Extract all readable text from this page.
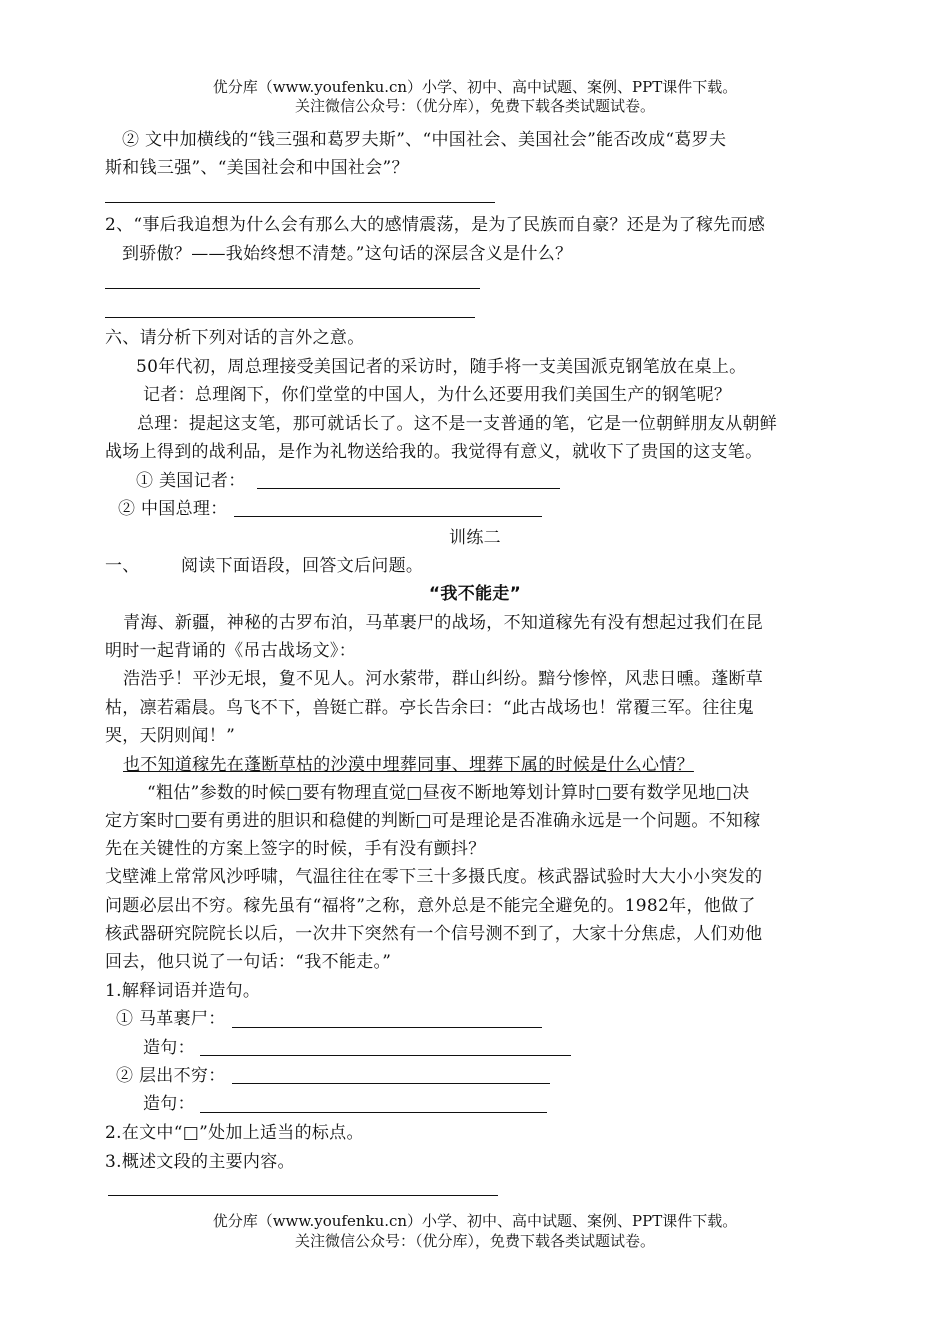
优分库（www.youfenku.cn）小学、初中、高中试题、案例、PPT课件下载。
关注微信公众号：（优分库），免费下载各类试题试卷。
② 文中加横线的“钱三强和葛罗夫斯”、“中国社会、美国社会”能否改成“葛罗夫
斯和钱三强”、“美国社会和中国社会”？
2、“事后我追想为什么会有那么大的感情震荡，是为了民族而自豪？还是为了稼先而感
到骄傲？——我始终想不清楚。”这句话的深层含义是什么？
六、请分析下列对话的言外之意。
50年代初，周总理接受美国记者的采访时，随手将一支美国派克钢笔放在桌上。
记者：总理阁下，你们堂堂的中国人，为什么还要用我们美国生产的钢笔呢？
总理：提起这支笔，那可就话长了。这不是一支普通的笔，它是一位朝鲜朋友从朝鲜
战场上得到的战利品，是作为礼物送给我的。我觉得有意义，就收下了贵国的这支笔。
① 美国记者：
② 中国总理：
训练二
一、 阅读下面语段，回答文后问题。
“我不能走”
青海、新疆，神秘的古罗布泊，马革裹尸的战场，不知道稼先有没有想起过我们在昆
明时一起背诵的《吊古战场文》：
浩浩乎！平沙无垠，夐不见人。河水萦带，群山纠纷。黯兮惨悴，风悲日曛。蓬断草
枯，凛若霜晨。鸟飞不下，兽铤亡群。亭长告余曰：“此古战场也！常覆三军。往往鬼
哭，天阴则闻！”
也不知道稼先在蓬断草枯的沙漠中埋葬同事、埋葬下属的时候是什么心情？
“粗估”参数的时候□要有物理直觉□昼夜不断地筹划计算时□要有数学见地□决
定方案时□要有勇进的胆识和稳健的判断□可是理论是否准确永远是一个问题。不知稼
先在关键性的方案上签字的时候，手有没有颤抖？
戈壁滩上常常风沙呼啸，气温往往在零下三十多摄氏度。核武器试验时大大小小突发的
问题必层出不穷。稼先虽有“福将”之称，意外总是不能完全避免的。1982年，他做了
核武器研究院院长以后，一次井下突然有一个信号测不到了，大家十分焦虑，人们劝他
回去，他只说了一句话：“我不能走。”
1.解释词语并造句。
① 马革裹尸：
造句：
② 层出不穷：
造句：
2.在文中“□”处加上适当的标点。
3.概述文段的主要内容。
优分库（www.youfenku.cn）小学、初中、高中试题、案例、PPT课件下载。
关注微信公众号：（优分库），免费下载各类试题试卷。
